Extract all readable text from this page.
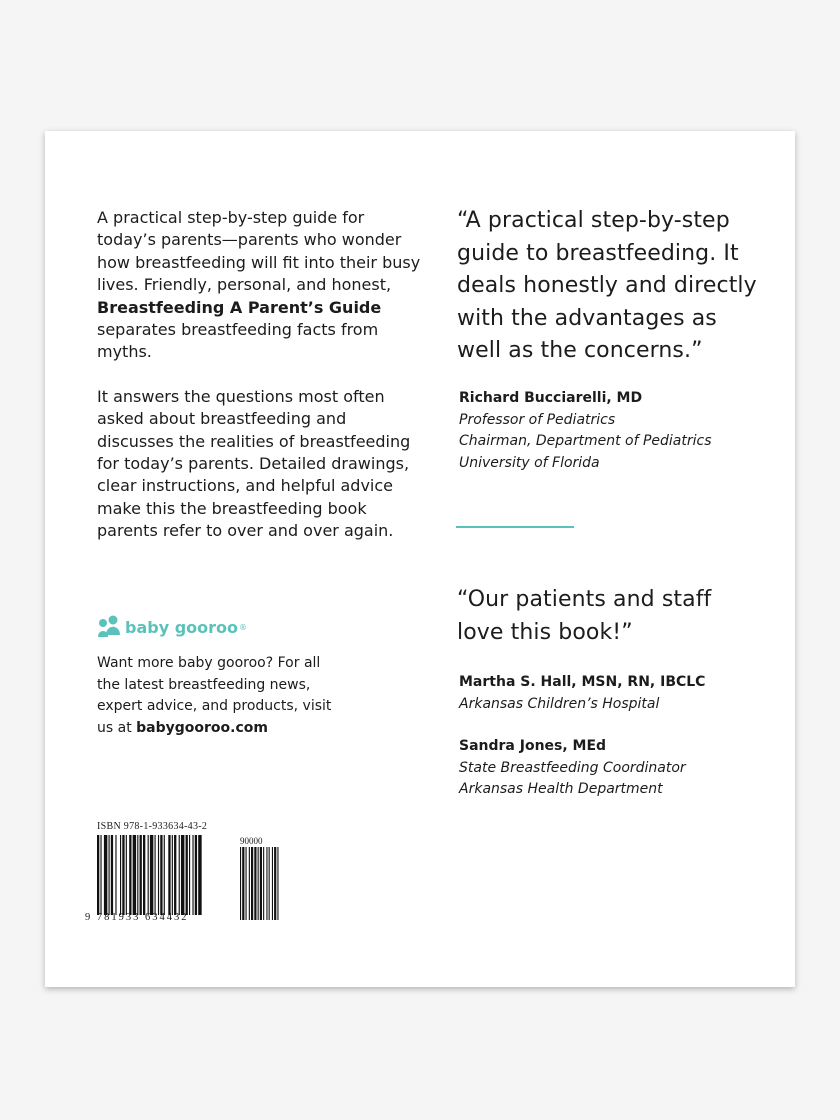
A practical step-by-step guide for today’s parents—parents who wonder how breastfeeding will fit into their busy lives. Friendly, personal, and honest, Breastfeeding A Parent’s Guide separates breastfeeding facts from myths.

It answers the questions most often asked about breastfeeding and discusses the realities of breastfeeding for today’s parents. Detailed drawings, clear instructions, and helpful advice make this the breastfeeding book parents refer to over and over again.

baby gooroo ®

Want more baby gooroo? For all the latest breastfeeding news, expert advice, and products, visit us at babygooroo.com

ISBN 978-1-933634-43-2
90000
9 781933 634432

“A practical step-by-step guide to breastfeeding. It deals honestly and directly with the advantages as well as the concerns.”

Richard Bucciarelli, MD
Professor of Pediatrics
Chairman, Department of Pediatrics
University of Florida

“Our patients and staff love this book!”

Martha S. Hall, MSN, RN, IBCLC
Arkansas Children’s Hospital
Sandra Jones, MEd
State Breastfeeding Coordinator
Arkansas Health Department
